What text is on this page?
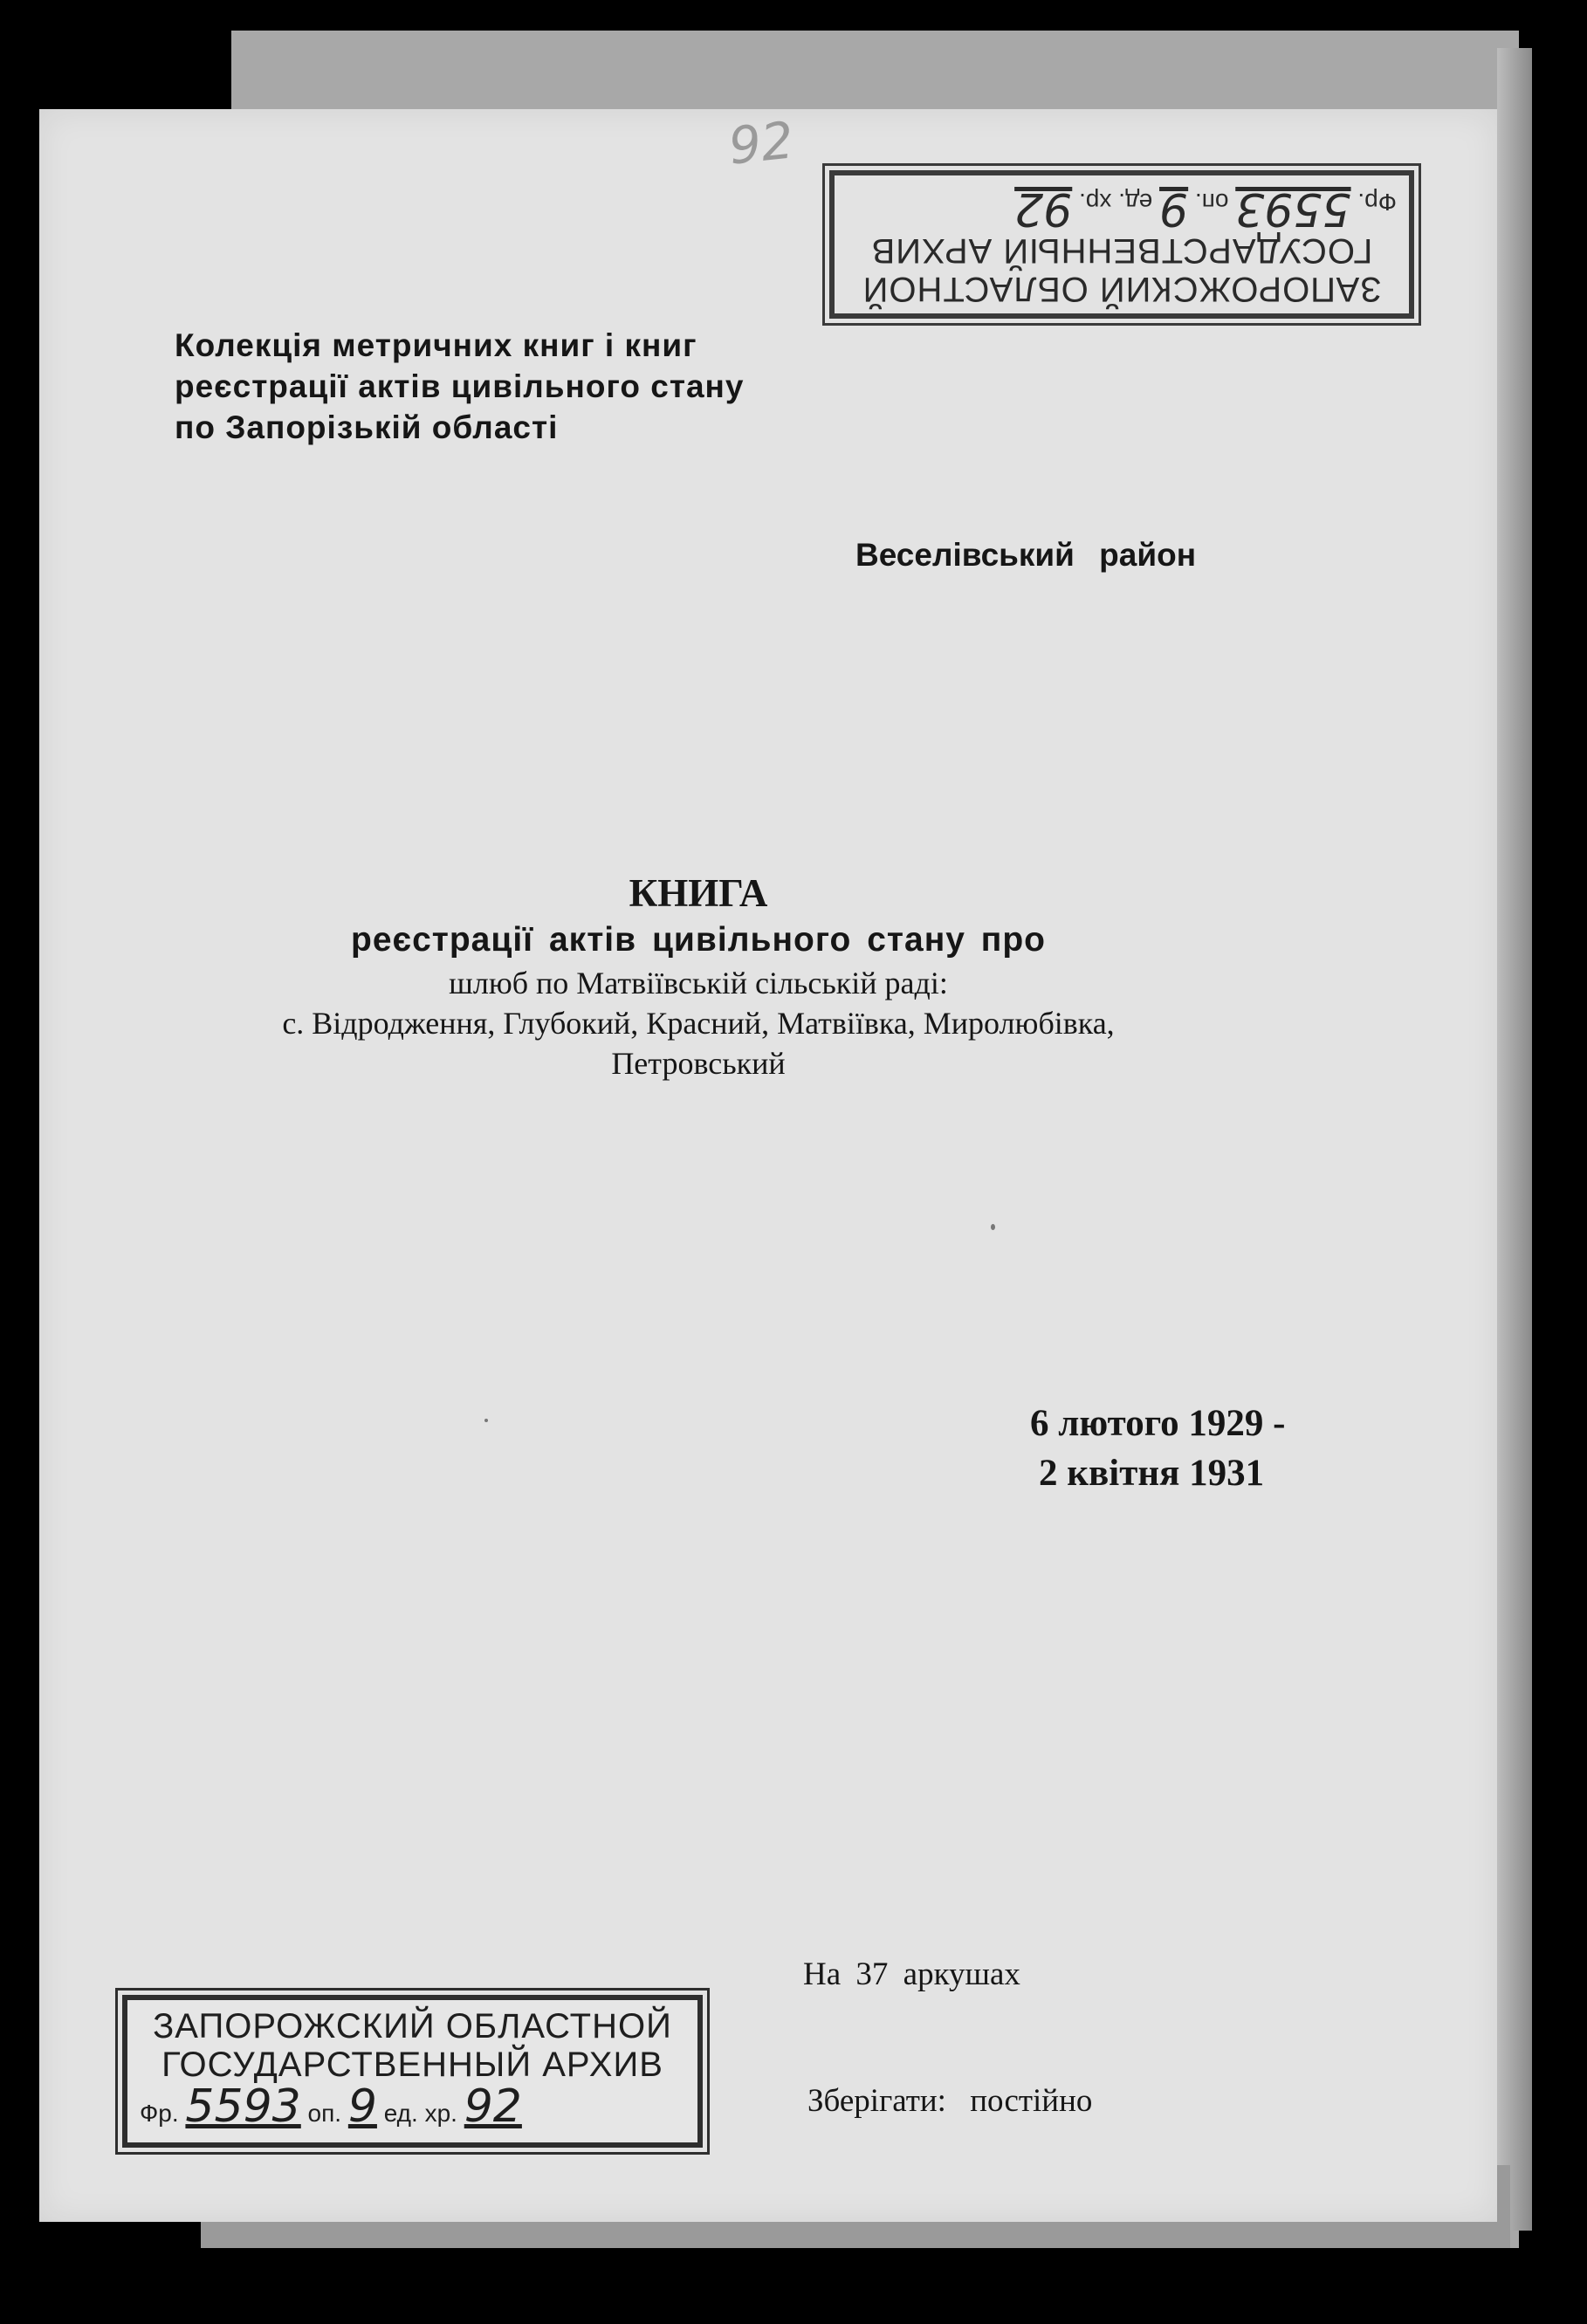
92
ЗАПОРОЖСКИЙ ОБЛАСТНОЙ
ГОСУДАРСТВЕННЫЙ АРХИВ
Фр. 5593 оп. 9 ед. хр. 92
Колекція метричних книг і книг
реєстрації актів цивільного стану
по Запорізькій області
Веселівський район
КНИГА
реєстрації актів цивільного стану про
шлюб по Матвіївській сільській раді:
с. Відродження, Глубокий, Красний, Матвіївка, Миролюбівка,
Петровський
6 лютого 1929 -
2 квітня 1931
На 37 аркушах
Зберігати: постійно
ЗАПОРОЖСКИЙ ОБЛАСТНОЙ
ГОСУДАРСТВЕННЫЙ АРХИВ
Фр. 5593 оп. 9 ед. хр. 92
